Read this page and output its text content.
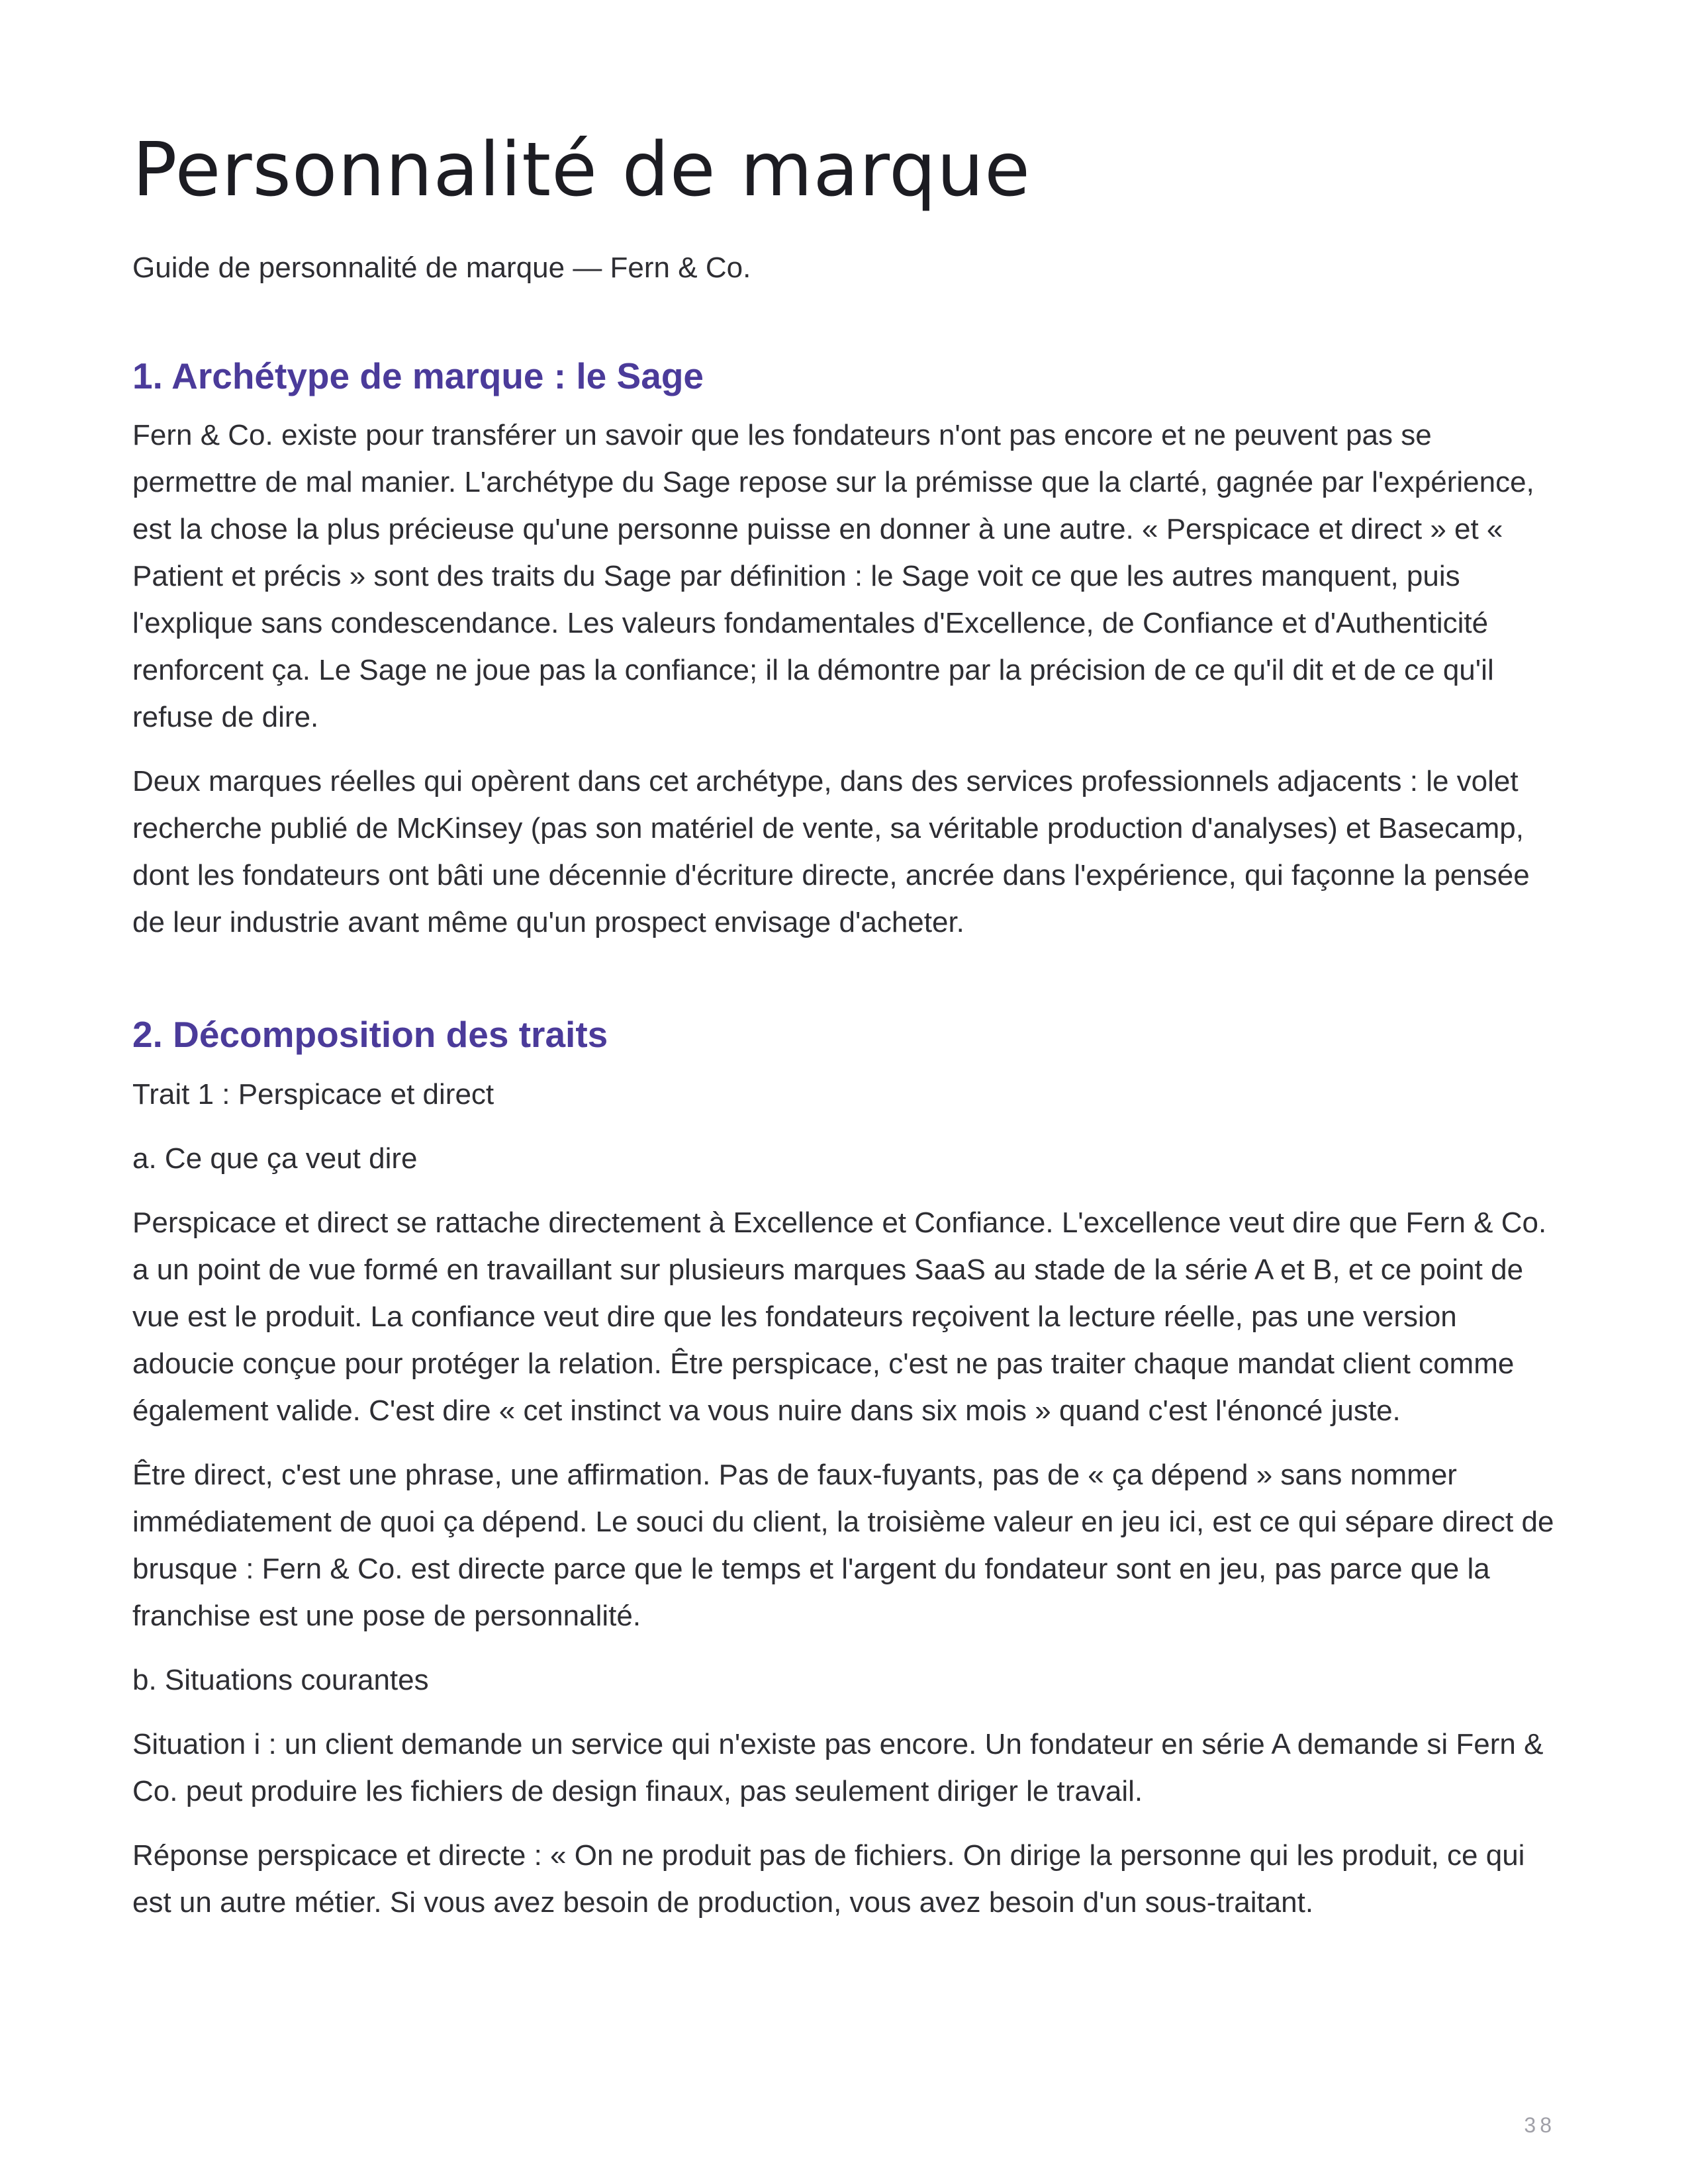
Personnalité de marque

Guide de personnalité de marque — Fern & Co.

1. Archétype de marque : le Sage

Fern & Co. existe pour transférer un savoir que les fondateurs n'ont pas encore et ne peuvent pas se permettre de mal manier. L'archétype du Sage repose sur la prémisse que la clarté, gagnée par l'expérience, est la chose la plus précieuse qu'une personne puisse en donner à une autre. « Perspicace et direct » et « Patient et précis » sont des traits du Sage par définition : le Sage voit ce que les autres manquent, puis l'explique sans condescendance. Les valeurs fondamentales d'Excellence, de Confiance et d'Authenticité renforcent ça. Le Sage ne joue pas la confiance; il la démontre par la précision de ce qu'il dit et de ce qu'il refuse de dire.

Deux marques réelles qui opèrent dans cet archétype, dans des services professionnels adjacents : le volet recherche publié de McKinsey (pas son matériel de vente, sa véritable production d'analyses) et Basecamp, dont les fondateurs ont bâti une décennie d'écriture directe, ancrée dans l'expérience, qui façonne la pensée de leur industrie avant même qu'un prospect envisage d'acheter.

2. Décomposition des traits

Trait 1 : Perspicace et direct

a. Ce que ça veut dire

Perspicace et direct se rattache directement à Excellence et Confiance. L'excellence veut dire que Fern & Co. a un point de vue formé en travaillant sur plusieurs marques SaaS au stade de la série A et B, et ce point de vue est le produit. La confiance veut dire que les fondateurs reçoivent la lecture réelle, pas une version adoucie conçue pour protéger la relation. Être perspicace, c'est ne pas traiter chaque mandat client comme également valide. C'est dire « cet instinct va vous nuire dans six mois » quand c'est l'énoncé juste.

Être direct, c'est une phrase, une affirmation. Pas de faux-fuyants, pas de « ça dépend » sans nommer immédiatement de quoi ça dépend. Le souci du client, la troisième valeur en jeu ici, est ce qui sépare direct de brusque : Fern & Co. est directe parce que le temps et l'argent du fondateur sont en jeu, pas parce que la franchise est une pose de personnalité.

b. Situations courantes

Situation i : un client demande un service qui n'existe pas encore. Un fondateur en série A demande si Fern & Co. peut produire les fichiers de design finaux, pas seulement diriger le travail.

Réponse perspicace et directe : « On ne produit pas de fichiers. On dirige la personne qui les produit, ce qui est un autre métier. Si vous avez besoin de production, vous avez besoin d'un sous-traitant.

38
